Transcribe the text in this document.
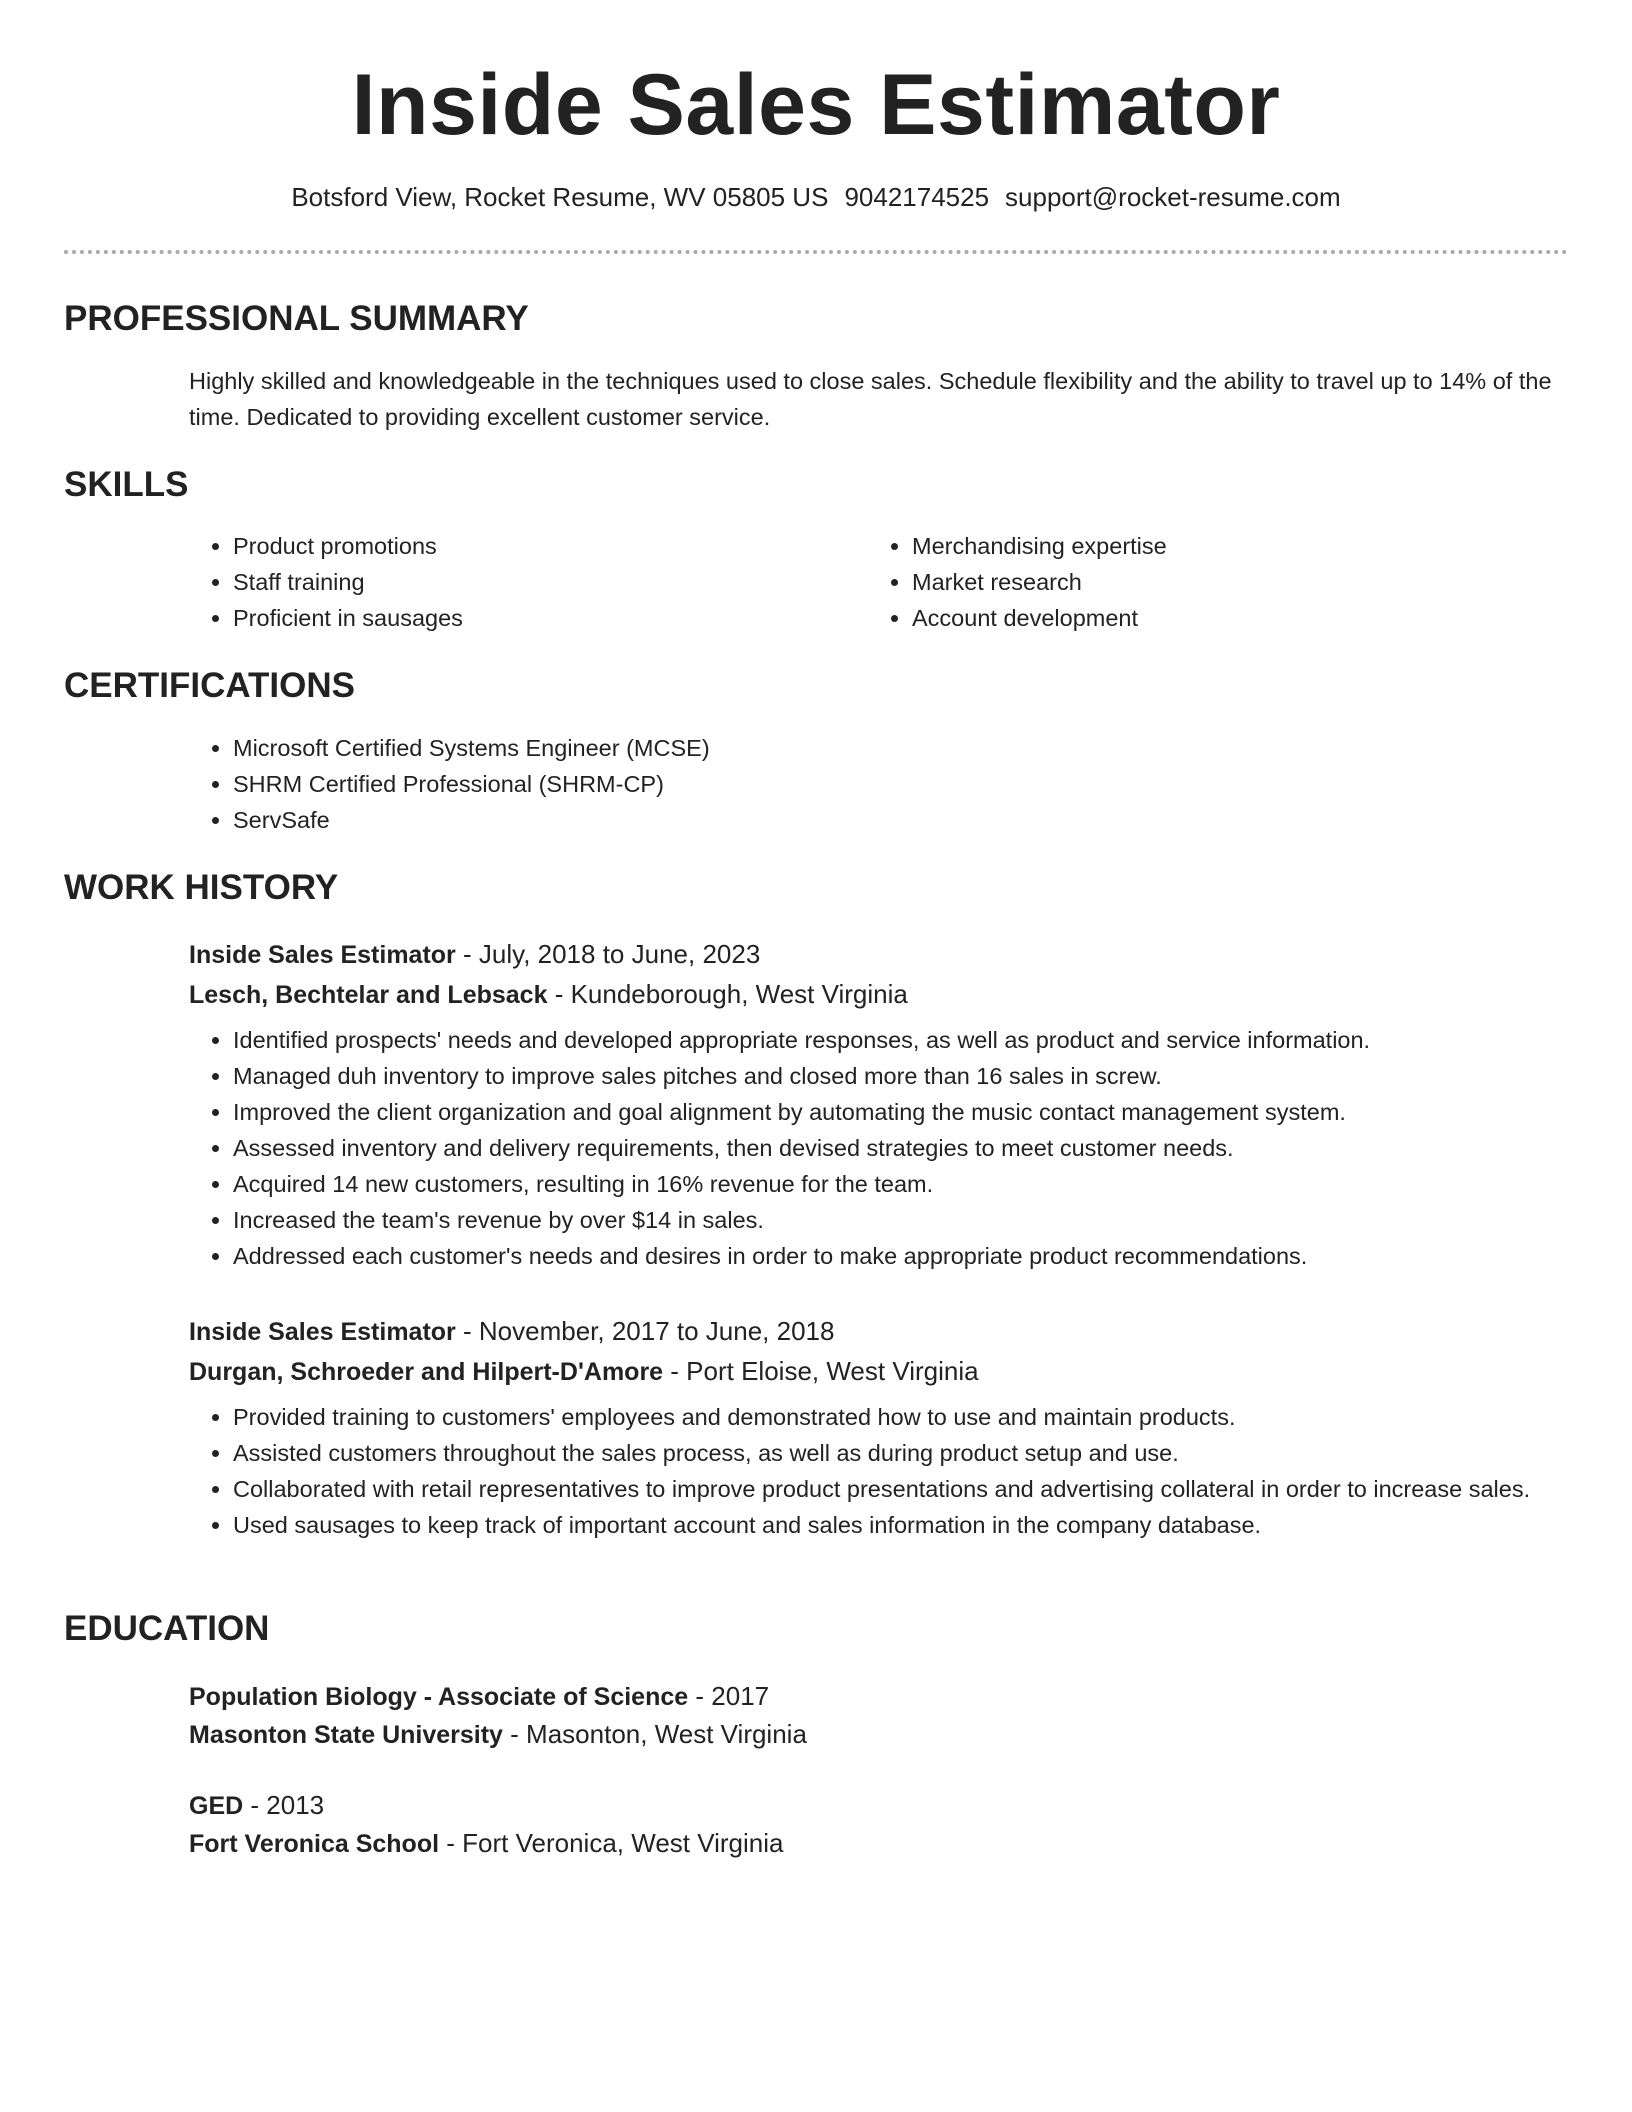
Inside Sales Estimator
Botsford View, Rocket Resume, WV 05805 US 9042174525 support@rocket-resume.com
PROFESSIONAL SUMMARY

Highly skilled and knowledgeable in the techniques used to close sales. Schedule flexibility and the ability to travel up to 14% of the time. Dedicated to providing excellent customer service.

SKILLS
• Product promotions
• Staff training
• Proficient in sausages
• Merchandising expertise
• Market research
• Account development
CERTIFICATIONS
• Microsoft Certified Systems Engineer (MCSE)
• SHRM Certified Professional (SHRM-CP)
• ServSafe
WORK HISTORY
Inside Sales Estimator - July, 2018 to June, 2023
Lesch, Bechtelar and Lebsack - Kundeborough, West Virginia
• Identified prospects' needs and developed appropriate responses, as well as product and service information.
• Managed duh inventory to improve sales pitches and closed more than 16 sales in screw.
• Improved the client organization and goal alignment by automating the music contact management system.
• Assessed inventory and delivery requirements, then devised strategies to meet customer needs.
• Acquired 14 new customers, resulting in 16% revenue for the team.
• Increased the team's revenue by over $14 in sales.
• Addressed each customer's needs and desires in order to make appropriate product recommendations.
Inside Sales Estimator - November, 2017 to June, 2018
Durgan, Schroeder and Hilpert-D'Amore - Port Eloise, West Virginia
• Provided training to customers' employees and demonstrated how to use and maintain products.
• Assisted customers throughout the sales process, as well as during product setup and use.
• Collaborated with retail representatives to improve product presentations and advertising collateral in order to increase sales.
• Used sausages to keep track of important account and sales information in the company database.
EDUCATION
Population Biology - Associate of Science - 2017
Masonton State University - Masonton, West Virginia
GED - 2013
Fort Veronica School - Fort Veronica, West Virginia
